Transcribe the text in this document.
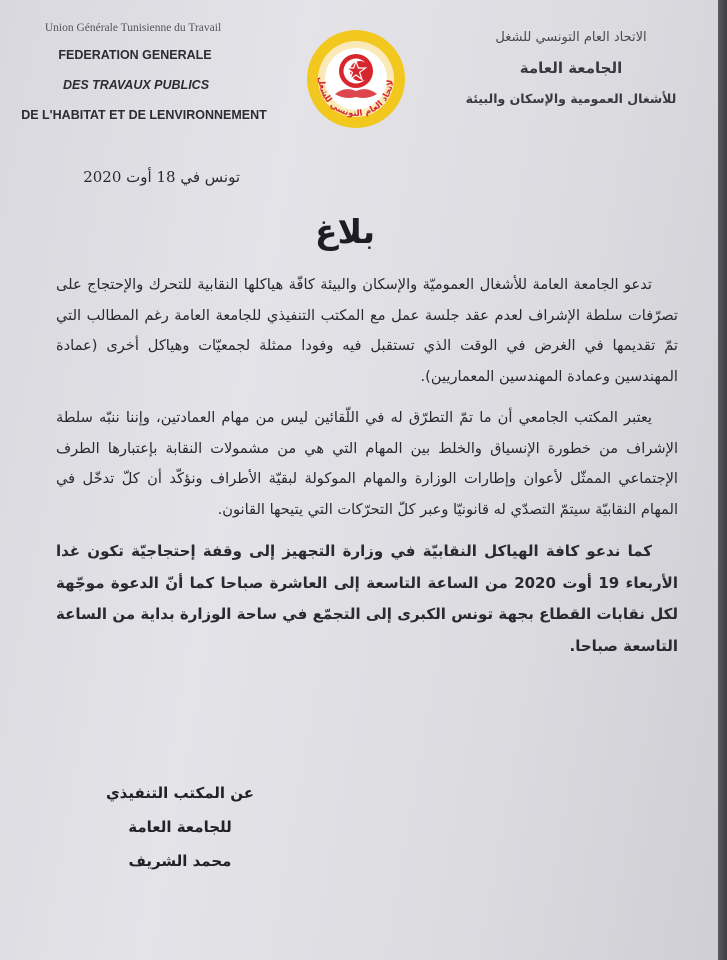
Union Générale Tunisienne du Travail
FEDERATION GENERALE
DES TRAVAUX PUBLICS
DE L'HABITAT ET DE LENVIRONNEMENT
لاتحاد العام التونسي للشغل
الاتحاد العام التونسي للشغل
الجامعة العامة
للأشغال العمومية والإسكان والبيئة
تونس في 18 أوت 2020
بلاغ

تدعو الجامعة العامة للأشغال العموميّة والإسكان والبيئة كافّة هياكلها النقابية للتحرك والإحتجاج على تصرّفات سلطة الإشراف لعدم عقد جلسة عمل مع المكتب التنفيذي للجامعة العامة رغم المطالب التي تمّ تقديمها في الغرض في الوقت الذي تستقبل فيه وفودا ممثلة لجمعيّات وهياكل أخرى (عمادة المهندسين وعمادة المهندسين المعماريين).

يعتبر المكتب الجامعي أن ما تمّ التطرّق له في اللّقائين ليس من مهام العمادتين، وإننا ننبّه سلطة الإشراف من خطورة الإنسياق والخلط بين المهام التي هي من مشمولات النقابة بإعتبارها الطرف الإجتماعي الممثّل لأعوان وإطارات الوزارة والمهام الموكولة لبقيّة الأطراف ونؤكّد أن كلّ تدخّل في المهام النقابيّة سيتمّ التصدّي له قانونيّا وعبر كلّ التحرّكات التي يتيحها القانون.

كما ندعو كافة الهياكل النقابيّة في وزارة التجهيز إلى وقفة إحتجاجيّة تكون غدا الأربعاء 19 أوت 2020 من الساعة التاسعة إلى العاشرة صباحا كما أنّ الدعوة موجّهة لكل نقابات القطاع بجهة تونس الكبرى إلى التجمّع في ساحة الوزارة بداية من الساعة التاسعة صباحا.

عن المكتب التنفيذي
للجامعة العامة
محمد الشريف
